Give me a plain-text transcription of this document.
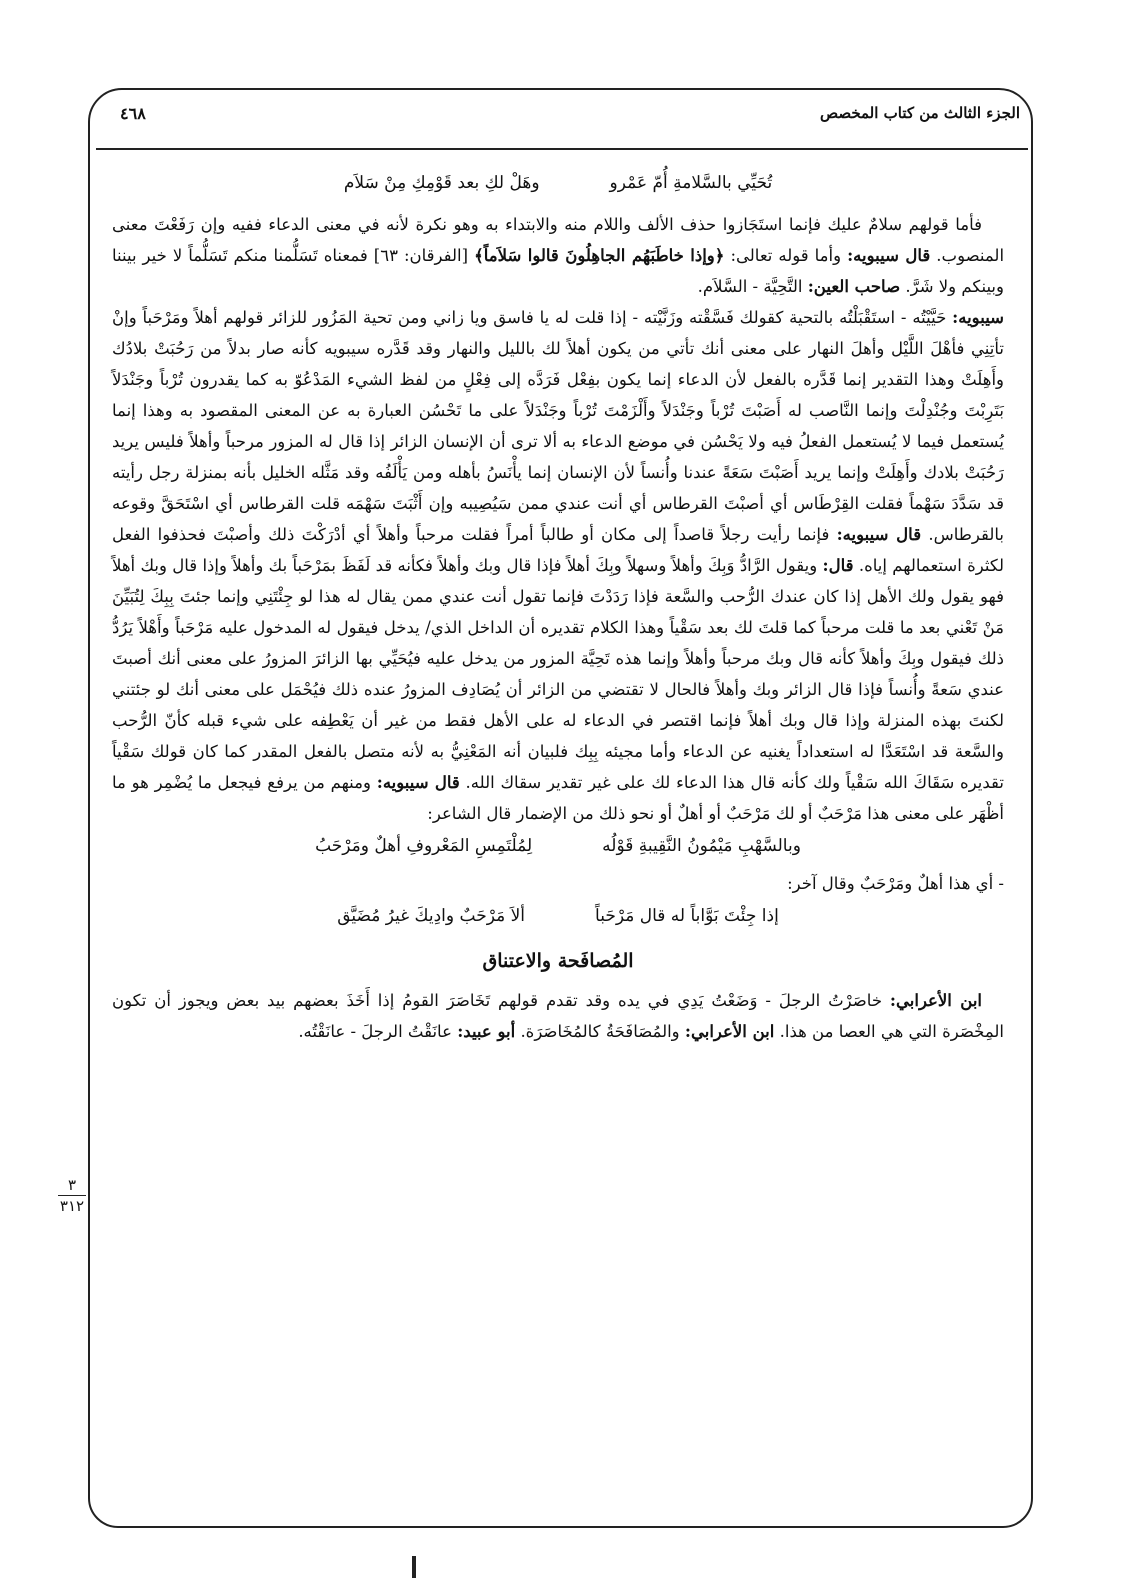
الجزء الثالث من كتاب المخصص
٤٦٨
تُحَيِّي بالسَّلامةِ أُمّ عَمْرو
وهَلْ لكِ بعد قَوْمِكِ مِنْ سَلاَم

فأما قولهم سلامٌ عليك فإنما استَجَازوا حذف الألف واللام منه والابتداء به وهو نكرة لأنه في معنى الدعاء ففيه وإن رَفَعْتَ معنى المنصوب. قال سيبويه: وأما قوله تعالى: ﴿وإذا خاطَبَهُم الجاهِلُونَ قالوا سَلاَماً﴾ [الفرقان: ٦٣] فمعناه تَسَلُّمنا منكم تَسَلُّماً لا خير بيننا وبينكم ولا شَرَّ. صاحب العين: التَّحِيَّة - السَّلاَم.

سيبويه: حَيَّيْتُه - استَقْبَلْتُه بالتحية كقولك فَسَّقْته وزَنَّيْته - إذا قلت له يا فاسق ويا زاني ومن تحية المَزُور للزائر قولهم أهلاً ومَرْحَباً وإنْ تأتِنِي فأهْلَ اللَّيْل وأهلَ النهار على معنى أنك تأتي من يكون أهلاً لك بالليل والنهار وقد قَدَّره سيبويه كأنه صار بدلاً من رَحُبَتْ بلادُك وأَهِلَتْ وهذا التقدير إنما قَدَّره بالفعل لأن الدعاء إنما يكون بفِعْل فَرَدَّه إلى فِعْلٍ من لفظ الشيء المَدْعُوّ به كما يقدرون تُرْباً وجَنْدَلاً بَتَرِبْتَ وجُنْدِلْتَ وإنما النَّاصب له أَصَبْتَ تُرْباً وجَنْدَلاً وأَلْزَمْتَ تُرْباً وجَنْدَلاً على ما تَحْسُن العبارة به عن المعنى المقصود به وهذا إنما يُستعمل فيما لا يُستعمل الفعلُ فيه ولا يَحْسُن في موضع الدعاء به ألا ترى أن الإنسان الزائر إذا قال له المزور مرحباً وأهلاً فليس يريد رَحُبَتْ بلادك وأَهِلَتْ وإنما يريد أَصَبْتَ سَعَةً عندنا وأُنساً لأن الإنسان إنما يأْنَسُ بأهله ومن يَأْلَفُه وقد مَثَّله الخليل بأنه بمنزلة رجل رأيته قد سَدَّدَ سَهْماً فقلت القِرْطَاس أي أصبْتَ القرطاس أي أنت عندي ممن سَيُصِيبه وإن أَثْبَتَ سَهْمَه قلت القرطاس أي اسْتَحَقَّ وقوعه بالقرطاس. قال سيبويه: فإنما رأيت رجلاً قاصداً إلى مكان أو طالباً أمراً فقلت مرحباً وأهلاً أي أدْرَكْتَ ذلك وأصبْتَ فحذفوا الفعل لكثرة استعمالهم إياه. قال: ويقول الرَّادُّ وَبِكَ وأهلاً وسهلاً وبِكَ أهلاً فإذا قال وبك وأهلاً فكأنه قد لَفَظَ بمَرْحَباً بك وأهلاً وإذا قال وبك أهلاً فهو يقول ولك الأهل إذا كان عندك الرُّحب والسَّعة فإذا رَدَدْتَ فإنما تقول أنت عندي ممن يقال له هذا لو جِئْتَنِي وإنما جئتَ بِبِكَ لِتُبَيِّنَ مَنْ تَعْني بعد ما قلت مرحباً كما قلتَ لك بعد سَقْياً وهذا الكلام تقديره أن الداخل الذي/ يدخل فيقول له المدخول عليه مَرْحَباً وأَهْلاً يَرُدُّ ذلك فيقول وبِكَ وأهلاً كأنه قال وبك مرحباً وأهلاً وإنما هذه تَحِيَّة المزور من يدخل عليه فيُحَيِّي بها الزائرَ المزورُ على معنى أنك أصبتَ عندي سَعةً وأُنساً فإذا قال الزائر وبك وأهلاً فالحال لا تقتضي من الزائر أن يُصَادِف المزورُ عنده ذلك فيُحْمَل على معنى أنك لو جئتني لكنتَ بهذه المنزلة وإذا قال وبك أهلاً فإنما اقتصر في الدعاء له على الأهل فقط من غير أن يَعْطِفه على شيء قبله كأنّ الرُّحب والسَّعة قد اسْتَعَدَّا له استعداداً يغنيه عن الدعاء وأما مجيئه بِبِك فلبيان أنه المَعْنِيُّ به لأنه متصل بالفعل المقدر كما كان قولك سَقْياً تقديره سَقَاكَ الله سَقْياً ولك كأنه قال هذا الدعاء لك على غير تقدير سقاك الله. قال سيبويه: ومنهم من يرفع فيجعل ما يُضْمِر هو ما أظْهَر على معنى هذا مَرْحَبٌ أو لك مَرْحَبٌ أو أهلٌ أو نحو ذلك من الإضمار قال الشاعر:

وبالسَّهْبِ مَيْمُونُ النَّقِيبةِ قَوْلُه
لِمُلْتَمِسِ المَعْروفِ أهلٌ ومَرْحَبُ

- أي هذا أهلٌ ومَرْحَبٌ وقال آخر:

إذا جِئْتَ بَوَّاباً له قال مَرْحَباً
ألاَ مَرْحَبٌ وادِيكَ غيرُ مُضَيَّق
المُصافَحة والاعتناق

ابن الأعرابي: خاصَرْتُ الرجلَ - وَضَعْتُ يَدِي في يده وقد تقدم قولهم تَخَاصَرَ القومُ إذا أَخَذَ بعضهم بيد بعض ويجوز أن تكون المِخْصَرة التي هي العصا من هذا. ابن الأعرابي: والمُصَافَحَةُ كالمُخَاصَرَة. أبو عبيد: عانَقْتُ الرجلَ - عانَقْتُه.

٣
٣١٢
